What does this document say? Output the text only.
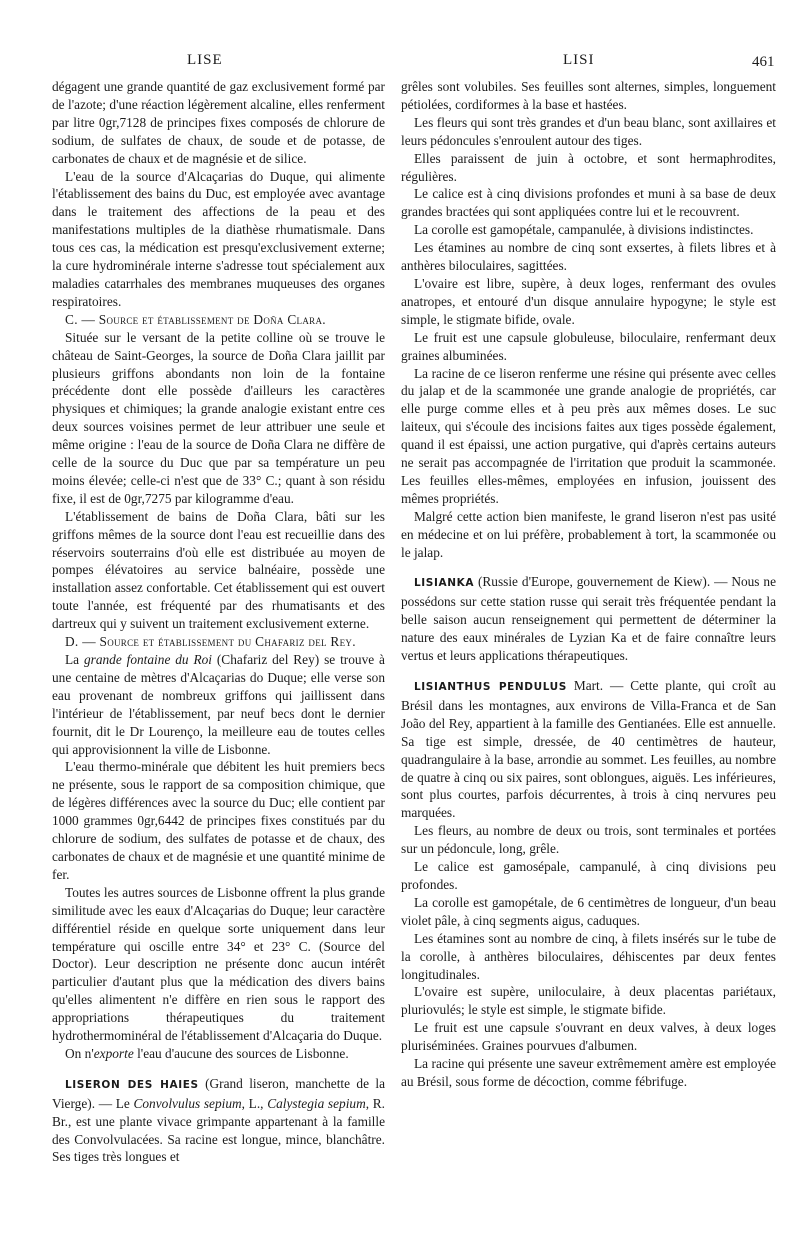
LISE	LISI	461

dégagent une grande quantité de gaz exclusivement formé par de l'azote; d'une réaction légèrement alcaline, elles renferment par litre 0gr,7128 de principes fixes composés de chlorure de sodium, de sulfates de chaux, de soude et de potasse, de carbonates de chaux et de magnésie et de silice.

L'eau de la source d'Alcaçarias do Duque, qui alimente l'établissement des bains du Duc, est employée avec avantage dans le traitement des affections de la peau et des manifestations multiples de la diathèse rhumatismale. Dans tous ces cas, la médication est presqu'exclusivement externe; la cure hydrominérale interne s'adresse tout spécialement aux maladies catarrhales des membranes muqueuses des organes respiratoires.

C. — Source et établissement de Doña Clara.

Située sur le versant de la petite colline où se trouve le château de Saint-Georges, la source de Doña Clara jaillit par plusieurs griffons abondants non loin de la fontaine précédente dont elle possède d'ailleurs les caractères physiques et chimiques; la grande analogie existant entre ces deux sources voisines permet de leur attribuer une seule et même origine : l'eau de la source de Doña Clara ne diffère de celle de la source du Duc que par sa température un peu moins élevée; celle-ci n'est que de 33° C.; quant à son résidu fixe, il est de 0gr,7275 par kilogramme d'eau.

L'établissement de bains de Doña Clara, bâti sur les griffons mêmes de la source dont l'eau est recueillie dans des réservoirs souterrains d'où elle est distribuée au moyen de pompes élévatoires au service balnéaire, possède une installation assez confortable. Cet établissement qui est ouvert toute l'année, est fréquenté par des rhumatisants et des dartreux qui y suivent un traitement exclusivement externe.

D. — Source et établissement du Chafariz del Rey.

La grande fontaine du Roi (Chafariz del Rey) se trouve à une centaine de mètres d'Alcaçarias do Duque; elle verse son eau provenant de nombreux griffons qui jaillissent dans l'intérieur de l'établissement, par neuf becs dont le dernier fournit, dit le Dr Lourenço, la meilleure eau de toutes celles qui approvisionnent la ville de Lisbonne.

L'eau thermo-minérale que débitent les huit premiers becs ne présente, sous le rapport de sa composition chimique, que de légères différences avec la source du Duc; elle contient par 1000 grammes 0gr,6442 de principes fixes constitués par du chlorure de sodium, des sulfates de potasse et de chaux, des carbonates de chaux et de magnésie et une quantité minime de fer.

Toutes les autres sources de Lisbonne offrent la plus grande similitude avec les eaux d'Alcaçarias do Duque; leur caractère différentiel réside en quelque sorte uniquement dans leur température qui oscille entre 34° et 23° C. (Source del Doctor). Leur description ne présente donc aucun intérêt particulier d'autant plus que la médication des divers bains qu'elles alimentent n'e diffère en rien sous le rapport des appropriations thérapeutiques du traitement hydrothermominéral de l'établissement d'Alcaçaria do Duque.

On n'exporte l'eau d'aucune des sources de Lisbonne.

LISERON DES HAIES (Grand liseron, manchette de la Vierge). — Le Convolvulus sepium, L., Calystegia sepium, R. Br., est une plante vivace grimpante appartenant à la famille des Convolvulacées. Sa racine est longue, mince, blanchâtre. Ses tiges très longues et

grêles sont volubiles. Ses feuilles sont alternes, simples, longuement pétiolées, cordiformes à la base et hastées.

Les fleurs qui sont très grandes et d'un beau blanc, sont axillaires et leurs pédoncules s'enroulent autour des tiges.

Elles paraissent de juin à octobre, et sont hermaphrodites, régulières.

Le calice est à cinq divisions profondes et muni à sa base de deux grandes bractées qui sont appliquées contre lui et le recouvrent.

La corolle est gamopétale, campanulée, à divisions indistinctes.

Les étamines au nombre de cinq sont exsertes, à filets libres et à anthères biloculaires, sagittées.

L'ovaire est libre, supère, à deux loges, renfermant des ovules anatropes, et entouré d'un disque annulaire hypogyne; le style est simple, le stigmate bifide, ovale.

Le fruit est une capsule globuleuse, biloculaire, renfermant deux graines albuminées.

La racine de ce liseron renferme une résine qui présente avec celles du jalap et de la scammonée une grande analogie de propriétés, car elle purge comme elles et à peu près aux mêmes doses. Le suc laiteux, qui s'écoule des incisions faites aux tiges possède également, quand il est épaissi, une action purgative, qui d'après certains auteurs ne serait pas accompagnée de l'irritation que produit la scammonée. Les feuilles elles-mêmes, employées en infusion, jouissent des mêmes propriétés.

Malgré cette action bien manifeste, le grand liseron n'est pas usité en médecine et on lui préfère, probablement à tort, la scammonée ou le jalap.

LISIANKA (Russie d'Europe, gouvernement de Kiew). — Nous ne possédons sur cette station russe qui serait très fréquentée pendant la belle saison aucun renseignement qui permettent de déterminer la nature des eaux minérales de Lyzian Ka et de faire connaître leurs vertus et leurs applications thérapeutiques.

LISIANTHUS PENDULUS Mart. — Cette plante, qui croît au Brésil dans les montagnes, aux environs de Villa-Franca et de San João del Rey, appartient à la famille des Gentianées. Elle est annuelle. Sa tige est simple, dressée, de 40 centimètres de hauteur, quadrangulaire à la base, arrondie au sommet. Les feuilles, au nombre de quatre à cinq ou six paires, sont oblongues, aiguës. Les inférieures, sont plus courtes, parfois décurrentes, à trois à cinq nervures peu marquées.

Les fleurs, au nombre de deux ou trois, sont terminales et portées sur un pédoncule, long, grêle.

Le calice est gamosépale, campanulé, à cinq divisions peu profondes.

La corolle est gamopétale, de 6 centimètres de longueur, d'un beau violet pâle, à cinq segments aigus, caduques.

Les étamines sont au nombre de cinq, à filets insérés sur le tube de la corolle, à anthères biloculaires, déhiscentes par deux fentes longitudinales.

L'ovaire est supère, uniloculaire, à deux placentas pariétaux, pluriovulés; le style est simple, le stigmate bifide.

Le fruit est une capsule s'ouvrant en deux valves, à deux loges pluriséminées. Graines pourvues d'albumen.

La racine qui présente une saveur extrêmement amère est employée au Brésil, sous forme de décoction, comme fébrifuge.
